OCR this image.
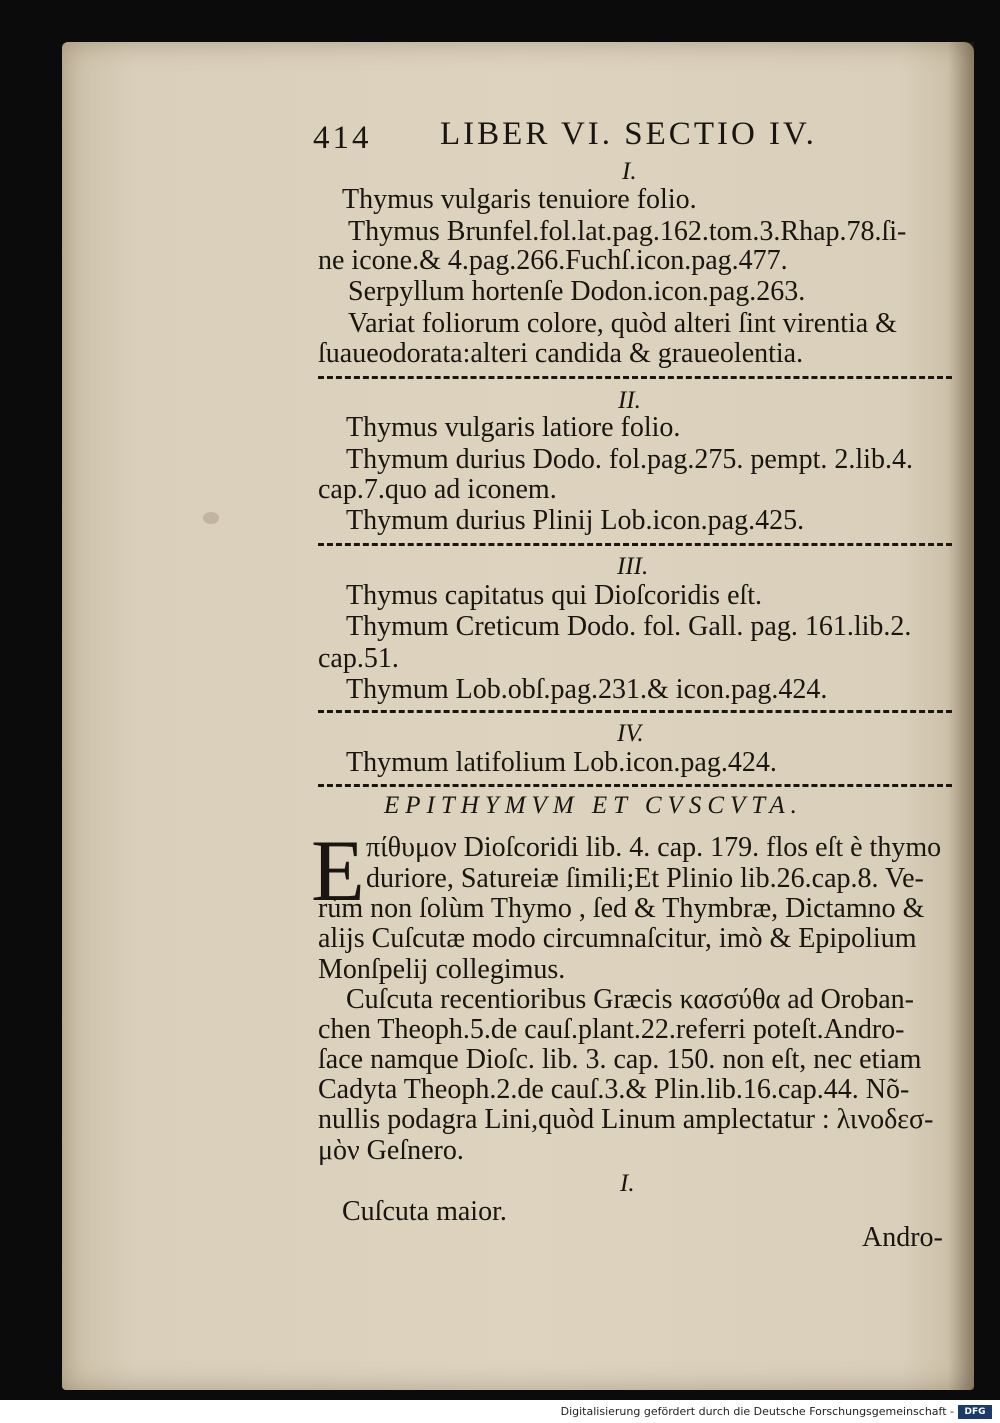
414 LIBER VI. SECTIO IV.
I.
Thymus vulgaris tenuiore folio.
Thymus Brunfel.fol.lat.pag.162.tom.3.Rhap.78.ſi-
ne icone.& 4.pag.266.Fuchſ.icon.pag.477.
Serpyllum hortenſe Dodon.icon.pag.263.
Variat foliorum colore, quòd alteri ſint virentia &
ſuaueodorata:alteri candida & graueolentia.
II.
Thymus vulgaris latiore folio.
Thymum durius Dodo. fol.pag.275. pempt. 2.lib.4.
cap.7.quo ad iconem.
Thymum durius Plinij Lob.icon.pag.425.
III.
Thymus capitatus qui Dioſcoridis eſt.
Thymum Creticum Dodo. fol. Gall. pag. 161.lib.2.
cap.51.
Thymum Lob.obſ.pag.231.& icon.pag.424.
IV.
Thymum latifolium Lob.icon.pag.424.
EPITHYMVM ET CVSCVTA.
E πίθυμον Dioſcoridi lib. 4. cap. 179. flos eſt è thymo
duriore, Satureiæ ſimili;Et Plinio lib.26.cap.8. Ve-
rùm non ſolùm Thymo , ſed & Thymbræ, Dictamno &
alijs Cuſcutæ modo circumnaſcitur, imò & Epipolium
Monſpelij collegimus.
Cuſcuta recentioribus Græcis κασσύθα ad Oroban-
chen Theoph.5.de cauſ.plant.22.referri poteſt.Andro-
ſace namque Dioſc. lib. 3. cap. 150. non eſt, nec etiam
Cadyta Theoph.2.de cauſ.3.& Plin.lib.16.cap.44. Nõ-
nullis podagra Lini,quòd Linum amplectatur : λινοδεσ-
μὸν Geſnero.
I.
Cuſcuta maior.
Andro-
Digitalisierung gefördert durch die Deutsche Forschungsgemeinschaft -	DFG
